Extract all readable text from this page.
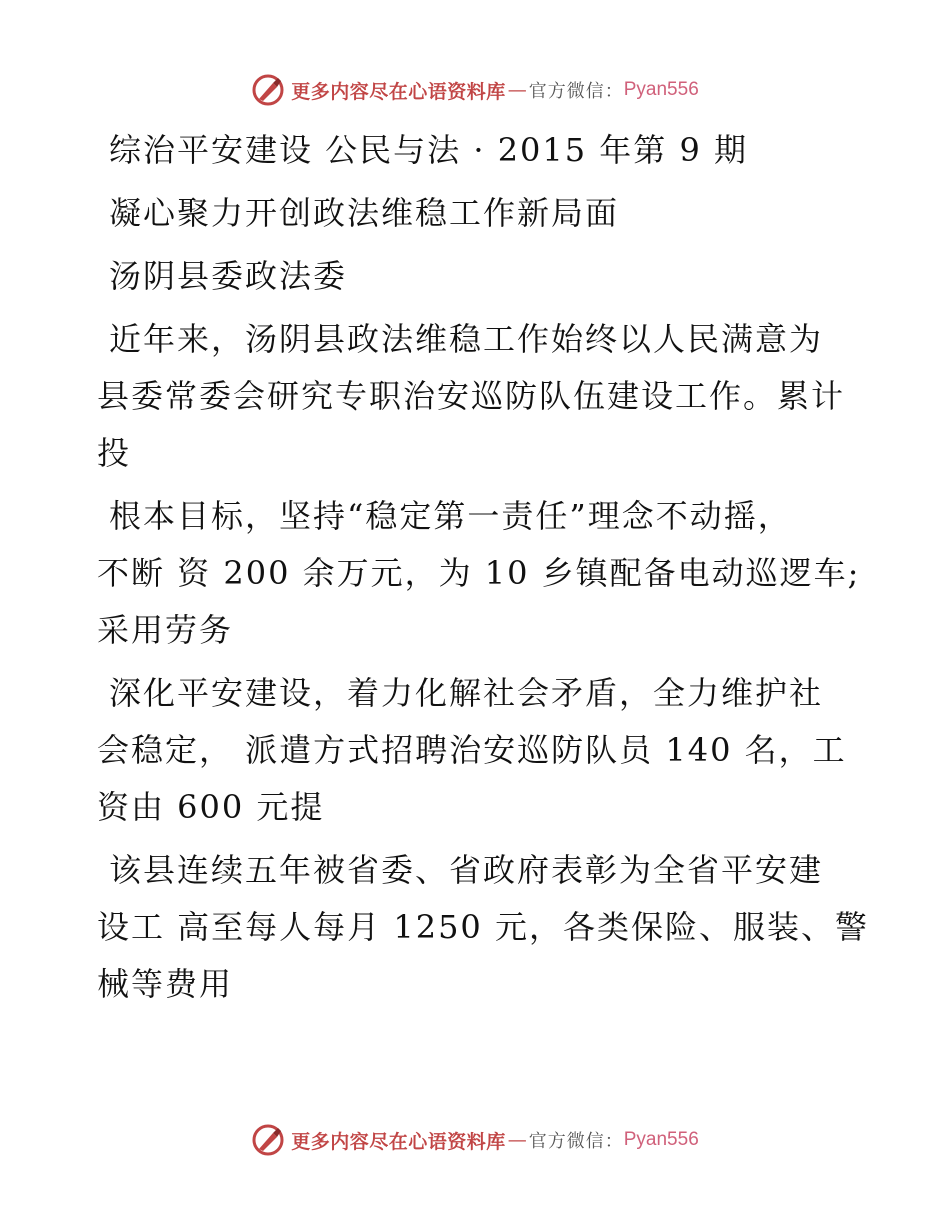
更多内容尽在心语资料库 — 官方微信： Pyan556
综治平安建设 公民与法 · 2015 年第 9 期
凝心聚力开创政法维稳工作新局面
汤阴县委政法委
近年来，汤阴县政法维稳工作始终以人民满意为
县委常委会研究专职治安巡防队伍建设工作。累计
投
根本目标，坚持“稳定第一责任”理念不动摇，
不断 资 200 余万元，为 10 乡镇配备电动巡逻车;
采用劳务
深化平安建设，着力化解社会矛盾，全力维护社
会稳定， 派遣方式招聘治安巡防队员 140 名，工
资由 600 元提
该县连续五年被省委、省政府表彰为全省平安建
设工 高至每人每月 1250 元，各类保险、服装、警
械等费用
更多内容尽在心语资料库 — 官方微信： Pyan556
